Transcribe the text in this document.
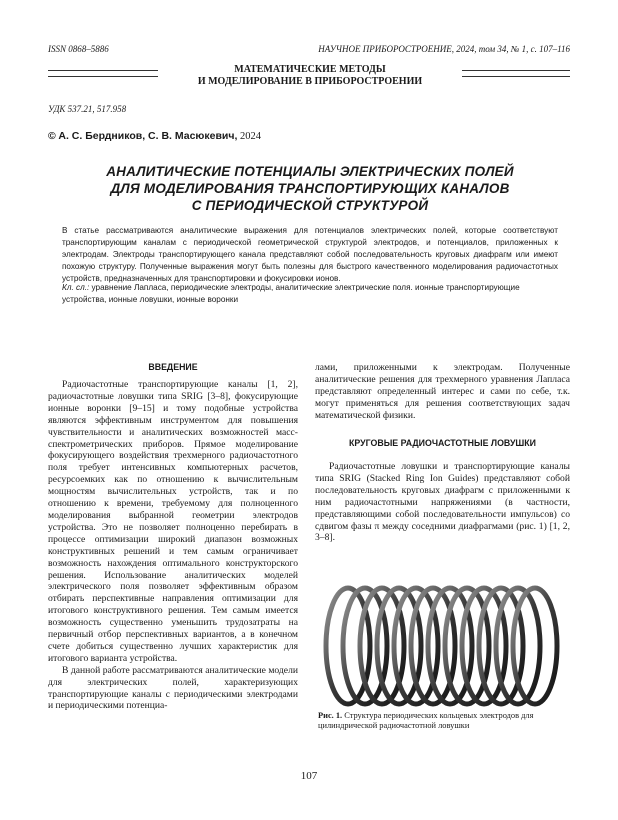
ISSN 0868–5886	НАУЧНОЕ ПРИБОРОСТРОЕНИЕ, 2024, том 34, № 1, с. 107–116
МАТЕМАТИЧЕСКИЕ МЕТОДЫ
И МОДЕЛИРОВАНИЕ В ПРИБОРОСТРОЕНИИ
УДК 537.21, 517.958
© А. С. Бердников, С. В. Масюкевич, 2024
АНАЛИТИЧЕСКИЕ ПОТЕНЦИАЛЫ ЭЛЕКТРИЧЕСКИХ ПОЛЕЙ
ДЛЯ МОДЕЛИРОВАНИЯ ТРАНСПОРТИРУЮЩИХ КАНАЛОВ
С ПЕРИОДИЧЕСКОЙ СТРУКТУРОЙ
В статье рассматриваются аналитические выражения для потенциалов электрических полей, которые соответствуют транспортирующим каналам с периодической геометрической структурой электродов, и потенциалов, приложенных к электродам. Электроды транспортирующего канала представляют собой последовательность круговых диафрагм или имеют похожую структуру. Полученные выражения могут быть полезны для быстрого качественного моделирования радиочастотных устройств, предназначенных для транспортировки и фокусировки ионов.
Кл. сл.: уравнение Лапласа, периодические электроды, аналитические электрические поля. ионные транспортирующие устройства, ионные ловушки, ионные воронки
ВВЕДЕНИЕ

Радиочастотные транспортирующие каналы [1, 2], радиочастотные ловушки типа SRIG [3–8], фокусирующие ионные воронки [9–15] и тому подобные устройства являются эффективным инструментом для повышения чувствительности и аналитических возможностей масс-спектрометрических приборов. Прямое моделирование фокусирующего воздействия трехмерного радиочастотного поля требует интенсивных компьютерных расчетов, ресурсоемких как по отношению к вычислительным мощностям вычислительных устройств, так и по отношению к времени, требуемому для полноценного моделирования выбранной геометрии электродов устройства. Это не позволяет полноценно перебирать в процессе оптимизации широкий диапазон возможных конструктивных решений и тем самым ограничивает возможность нахождения оптимального конструкторского решения. Использование аналитических моделей электрического поля позволяет эффективным образом отбирать перспективные направления оптимизации для итогового конструктивного решения. Тем самым имеется возможность существенно уменьшить трудозатраты на первичный отбор перспективных вариантов, а в конечном счете добиться существенно лучших характеристик для итогового варианта устройства.

В данной работе рассматриваются аналитические модели для электрических полей, характеризующих транспортирующие каналы с периодическими электродами и периодическими потенциа-

лами, приложенными к электродам. Полученные аналитические решения для трехмерного уравнения Лапласа представляют определенный интерес и сами по себе, т.к. могут применяться для решения соответствующих задач математической физики.

КРУГОВЫЕ РАДИОЧАСТОТНЫЕ ЛОВУШКИ

Радиочастотные ловушки и транспортирующие каналы типа SRIG (Stacked Ring Ion Guides) представляют собой последовательность круговых диафрагм с приложенными к ним радиочастотными напряжениями (в частности, представляющими собой последовательности импульсов) со сдвигом фазы π между соседними диафрагмами (рис. 1) [1, 2, 3–8].

Рис. 1. Структура периодических кольцевых электродов для цилиндрической радиочастотной ловушки
107
